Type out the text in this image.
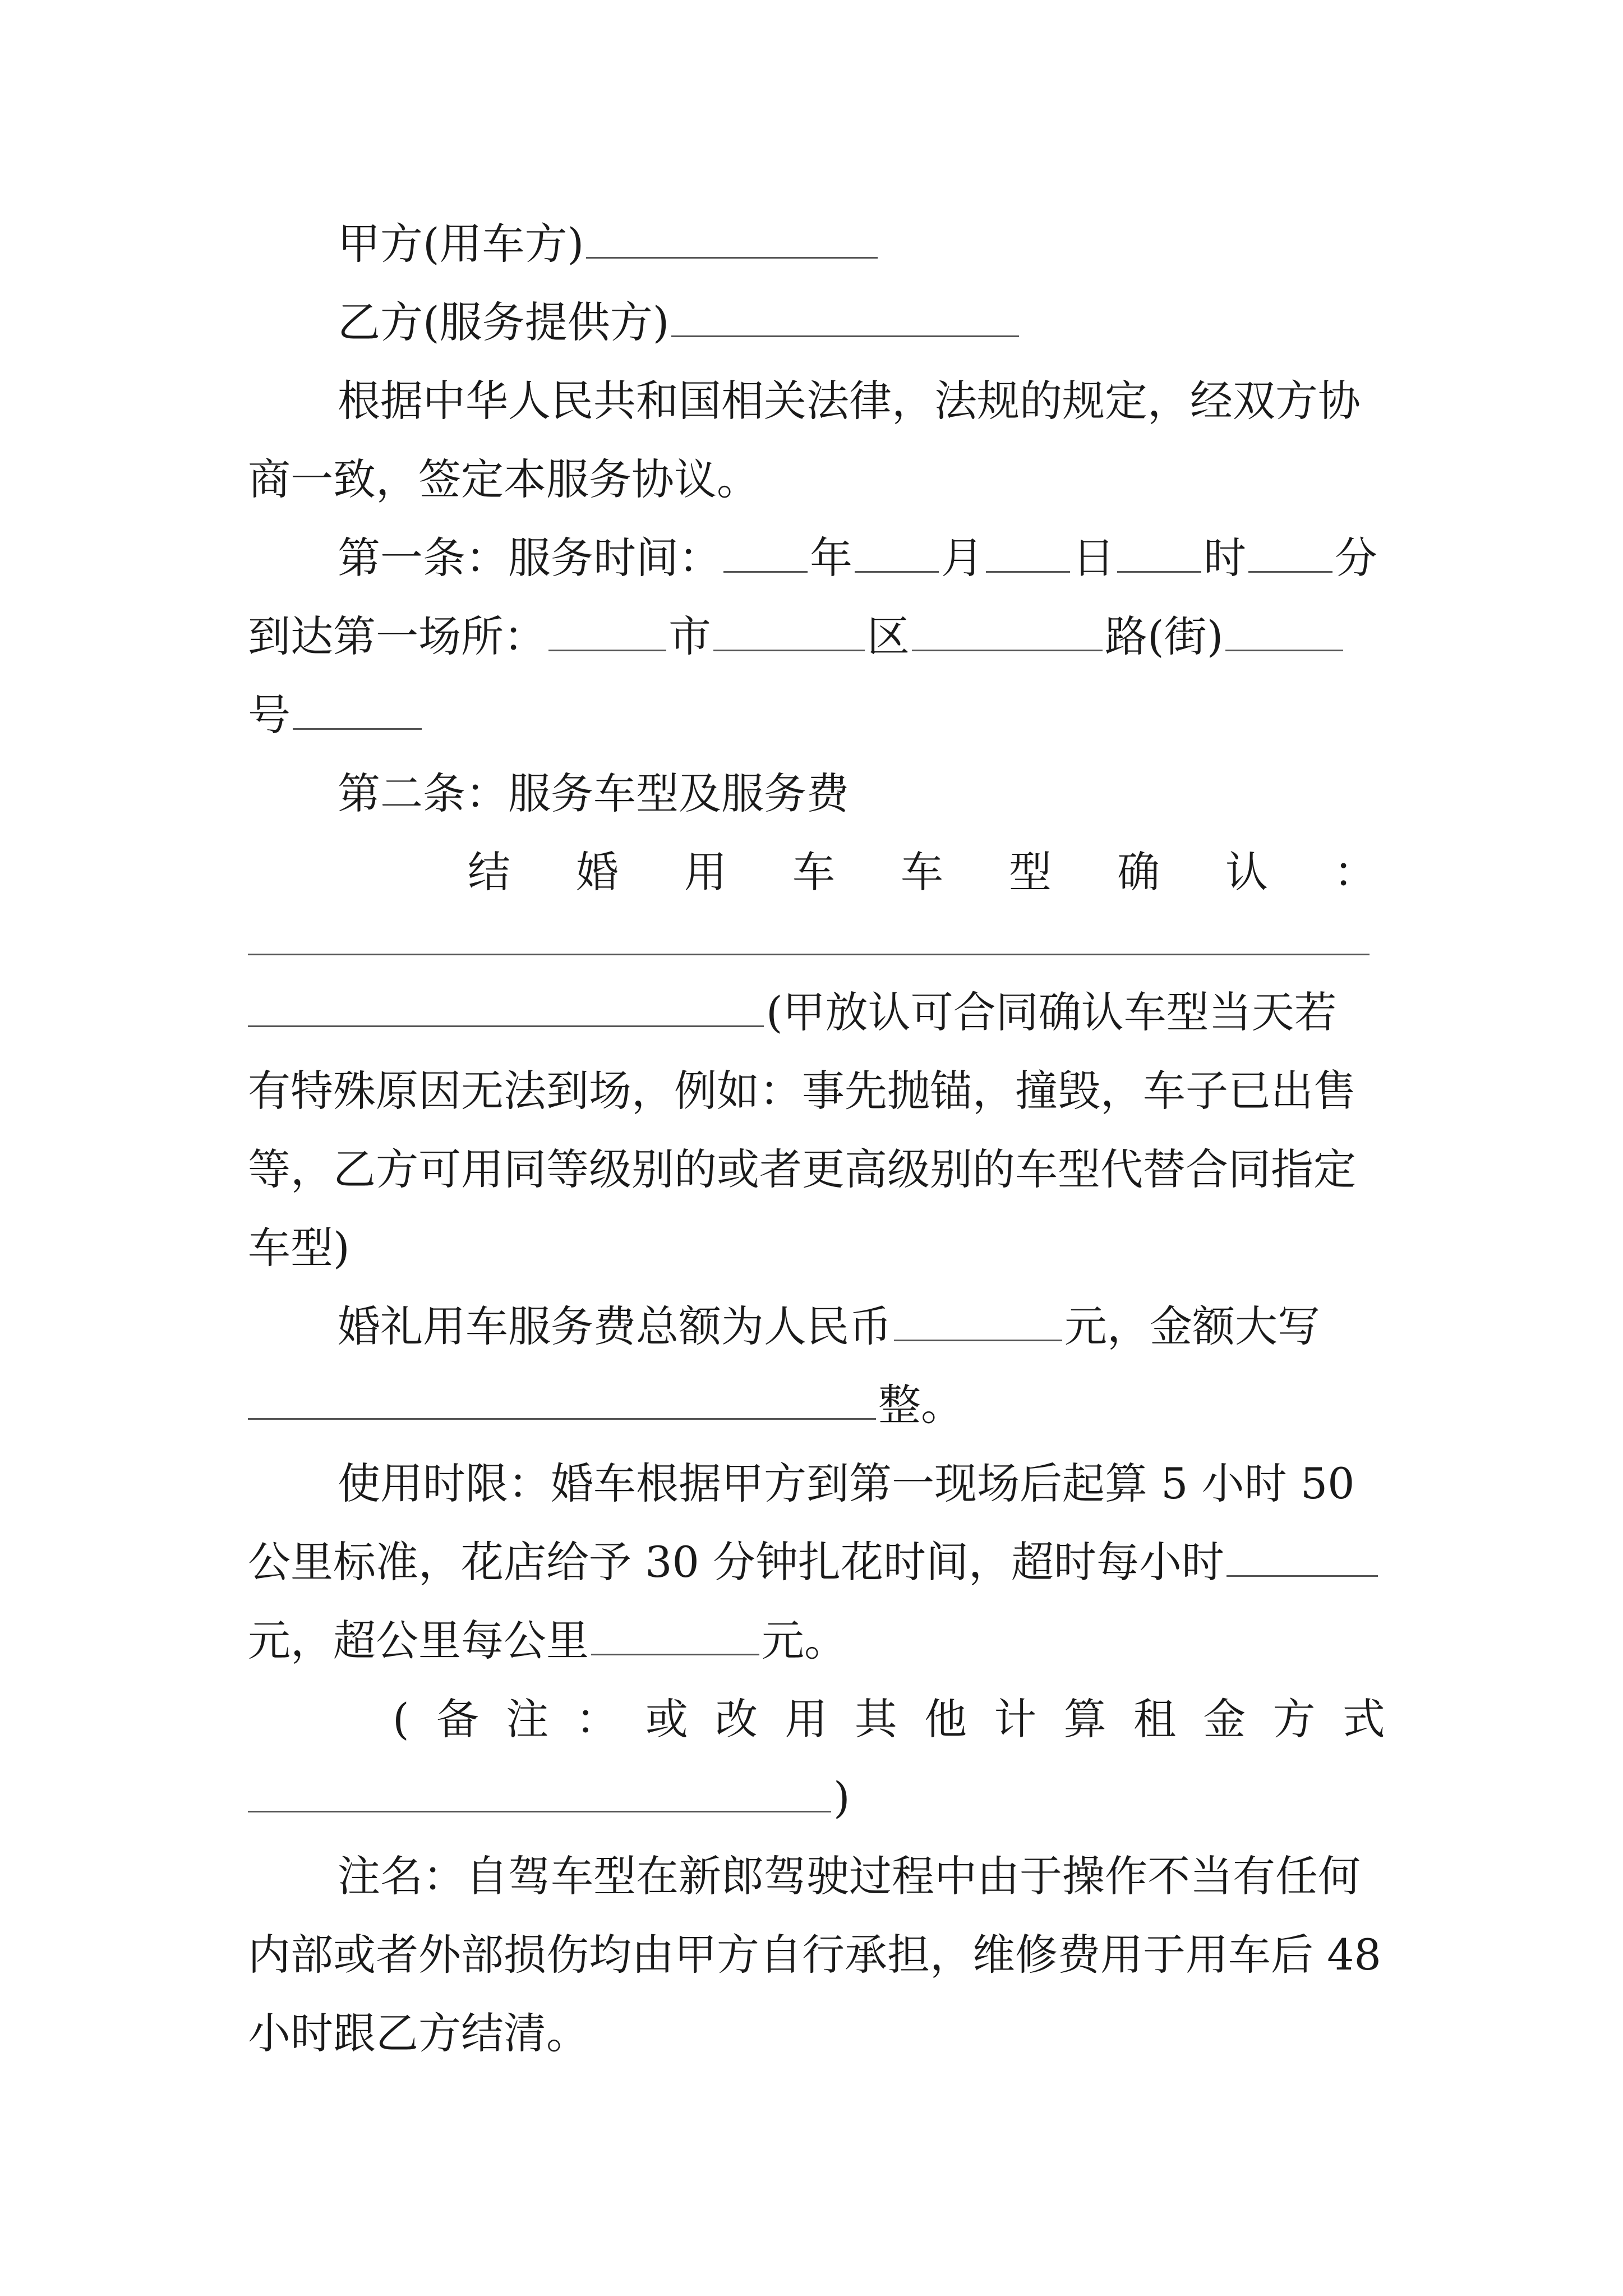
甲方(用车方)
乙方(服务提供方)
根据中华人民共和国相关法律，法规的规定，经双方协
商一致，签定本服务协议。
第一条：服务时间： 年 月 日 时 分
到达第一场所：	市	区	路(街)
号
第二条：服务车型及服务费
结 婚 用 车 车 型 确 认 ：
(甲放认可合同确认车型当天若
有特殊原因无法到场，例如：事先抛锚，撞毁，车子已出售
等，乙方可用同等级别的或者更高级别的车型代替合同指定
车型)
婚礼用车服务费总额为人民币	元，金额大写
整。
使用时限：婚车根据甲方到第一现场后起算 5 小时 50
公里标准，花店给予 30 分钟扎花时间，超时每小时
元，超公里每公里	元。
( 备 注 ： 或 改 用 其 他 计 算 租 金 方 式
)
注名：自驾车型在新郎驾驶过程中由于操作不当有任何
内部或者外部损伤均由甲方自行承担，维修费用于用车后 48
小时跟乙方结清。
